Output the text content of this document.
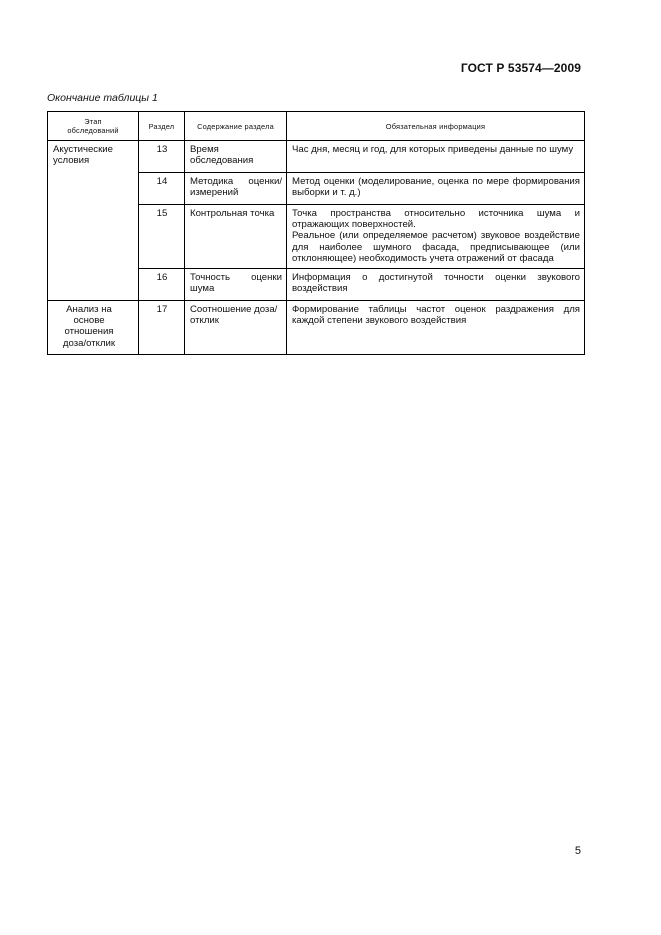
ГОСТ Р 53574—2009
Окончание таблицы 1
Этап обследований	Раздел	Содержание раздела	Обязательная информация
Акустические условия	13	Время обследования	Час дня, месяц и год, для которых приведены данные по шуму
	14	Методика оценки/ измерений	Метод оценки (моделирование, оценка по мере формирования выборки и т. д.)
	15	Контрольная точка	Точка пространства относительно источника шума и отражающих поверхностей.
Реальное (или определяемое расчетом) звуковое воздействие для наиболее шумного фасада, предписывающее (или отклоняющее) необходимость учета отражений от фасада

	16	Точность оценки шума	Информация о достигнутой точности оценки звукового воздействия
Анализ на основе отношения доза/отклик	17	Соотношение доза/ отклик	Формирование таблицы частот оценок раздражения для каждой степени звукового воздействия
5
